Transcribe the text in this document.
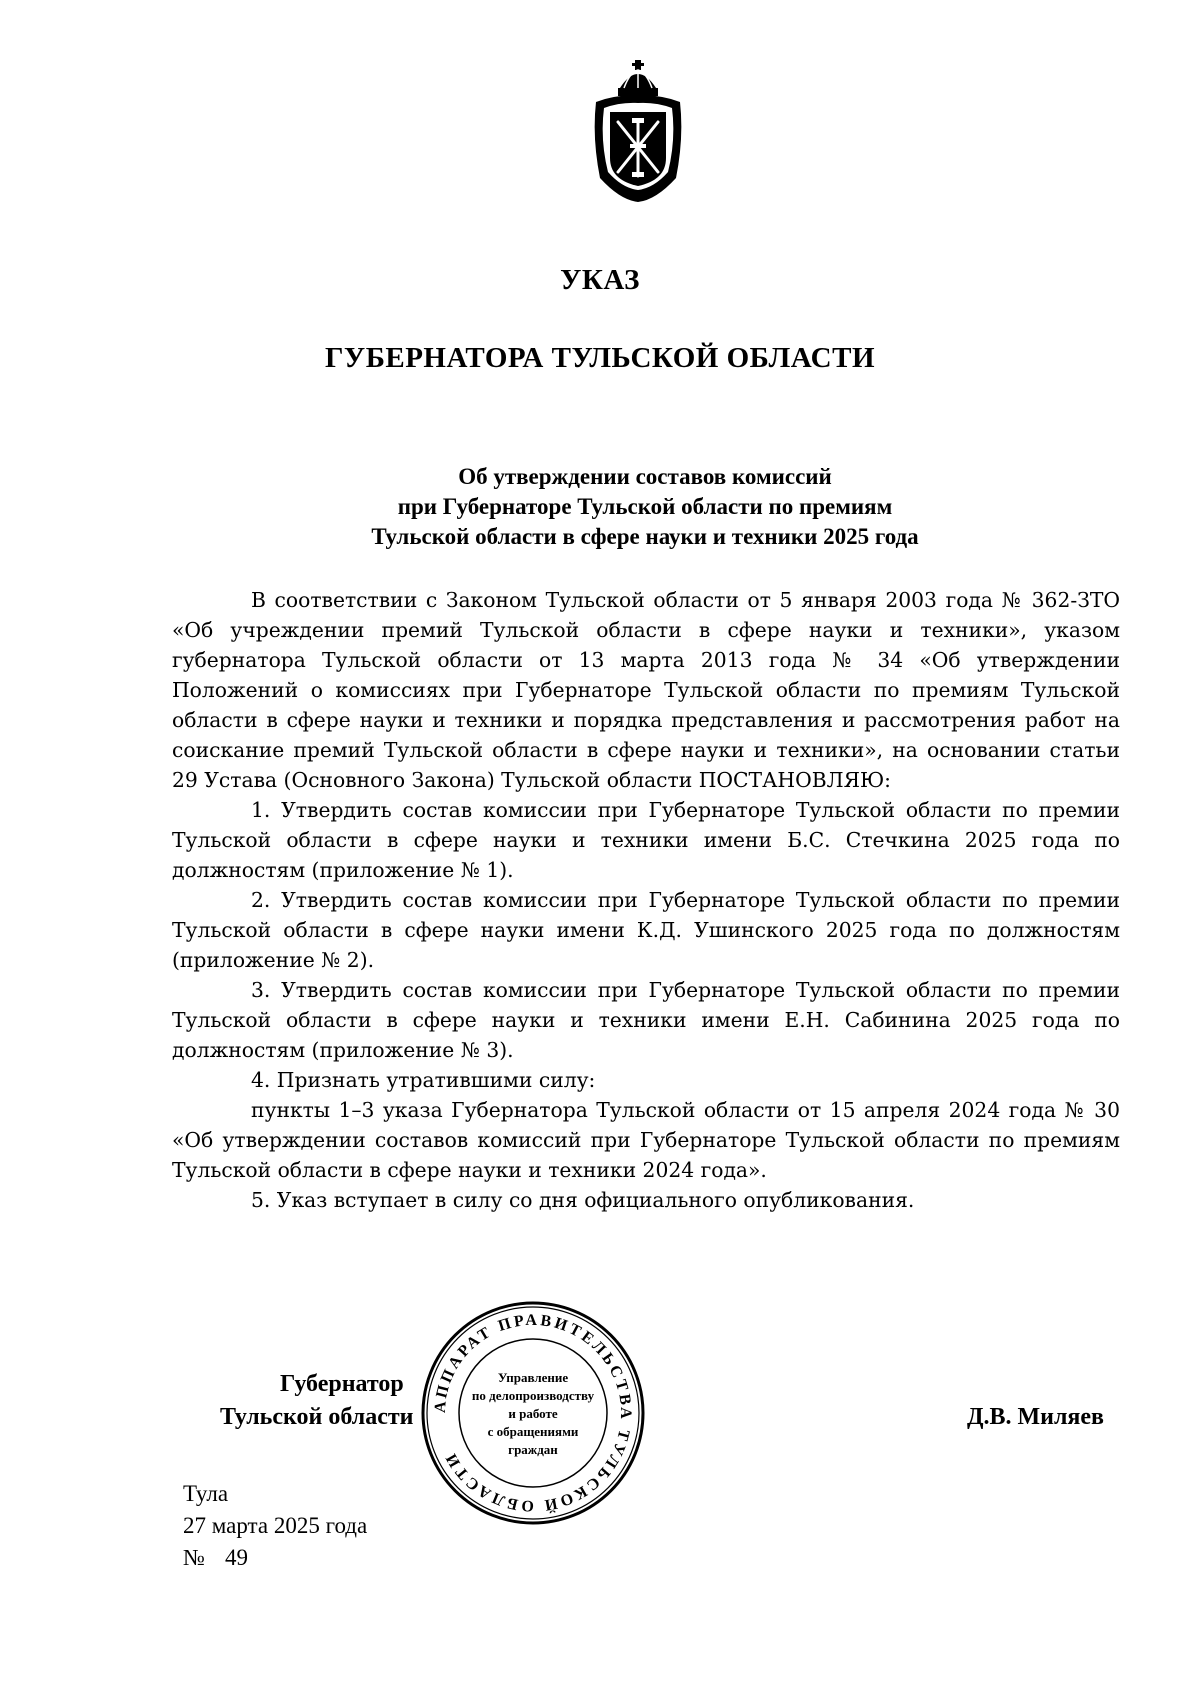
УКАЗ
ГУБЕРНАТОРА ТУЛЬСКОЙ ОБЛАСТИ
Об утверждении составов комиссий
при Губернаторе Тульской области по премиям
Тульской области в сфере науки и техники 2025 года

В соответствии с Законом Тульской области от 5 января 2003 года № 362-ЗТО «Об учреждении премий Тульской области в сфере науки и техники», указом губернатора Тульской области от 13 марта 2013 года № 34 «Об утверждении Положений о комиссиях при Губернаторе Тульской области по премиям Тульской области в сфере науки и техники и порядка представления и рассмотрения работ на соискание премий Тульской области в сфере науки и техники», на основании статьи 29 Устава (Основного Закона) Тульской области ПОСТАНОВЛЯЮ:

1. Утвердить состав комиссии при Губернаторе Тульской области по премии Тульской области в сфере науки и техники имени Б.С. Стечкина 2025 года по должностям (приложение № 1).

2. Утвердить состав комиссии при Губернаторе Тульской области по премии Тульской области в сфере науки имени К.Д. Ушинского 2025 года по должностям (приложение № 2).

3. Утвердить состав комиссии при Губернаторе Тульской области по премии Тульской области в сфере науки и техники имени Е.Н. Сабинина 2025 года по должностям (приложение № 3).

4. Признать утратившими силу:

пункты 1–3 указа Губернатора Тульской области от 15 апреля 2024 года № 30 «Об утверждении составов комиссий при Губернаторе Тульской области по премиям Тульской области в сфере науки и техники 2024 года».

5. Указ вступает в силу со дня официального опубликования.

Губернатор
Тульской области	Д.В. Миляев
АППАРАТ ПРАВИТЕЛЬСТВА ТУЛЬСКОЙ ОБЛАСТИ
Управление
по делопроизводству
и работе
с обращениями
граждан
Тула
27 марта 2025 года
№ 49
